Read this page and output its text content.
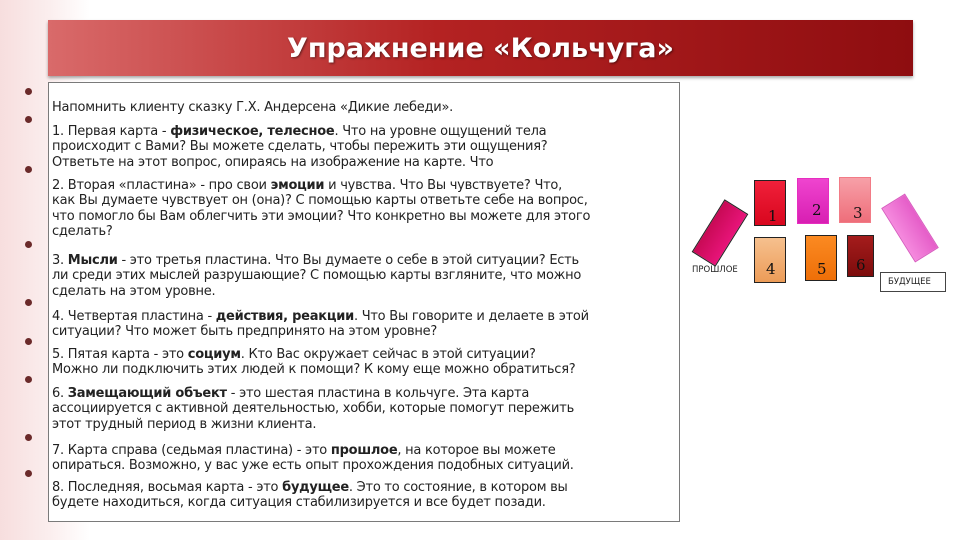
Упражнение «Кольчуга»

Напомнить клиенту сказку Г.Х. Андерсена «Дикие лебеди».

1. Первая карта - физическое, телесное. Что на уровне ощущений тела
происходит с Вами? Вы можете сделать, чтобы пережить эти ощущения?
Ответьте на этот вопрос, опираясь на изображение на карте. Что

2. Вторая «пластина» - про свои эмоции и чувства. Что Вы чувствуете? Что,
как Вы думаете чувствует он (она)? С помощью карты ответьте себе на вопрос,
что помогло бы Вам облегчить эти эмоции? Что конкретно вы можете для этого
сделать?

3. Мысли - это третья пластина. Что Вы думаете о себе в этой ситуации? Есть
ли среди этих мыслей разрушающие? С помощью карты взгляните, что можно
сделать на этом уровне.

4. Четвертая пластина - действия, реакции. Что Вы говорите и делаете в этой
ситуации? Что может быть предпринято на этом уровне?

5. Пятая карта - это социум. Кто Вас окружает сейчас в этой ситуации?
Можно ли подключить этих людей к помощи? К кому еще можно обратиться?

6. Замещающий объект - это шестая пластина в кольчуге. Эта карта
ассоциируется с активной деятельностью, хобби, которые помогут пережить
этот трудный период в жизни клиента.

7. Карта справа (седьмая пластина) - это прошлое, на которое вы можете
опираться. Возможно, у вас уже есть опыт прохождения подобных ситуаций.

8. Последняя, восьмая карта - это будущее. Это то состояние, в котором вы
будете находиться, когда ситуация стабилизируется и все будет позади.

ПРОШЛОЕ
1 2 3
4	5 6
БУДУЩЕЕ
